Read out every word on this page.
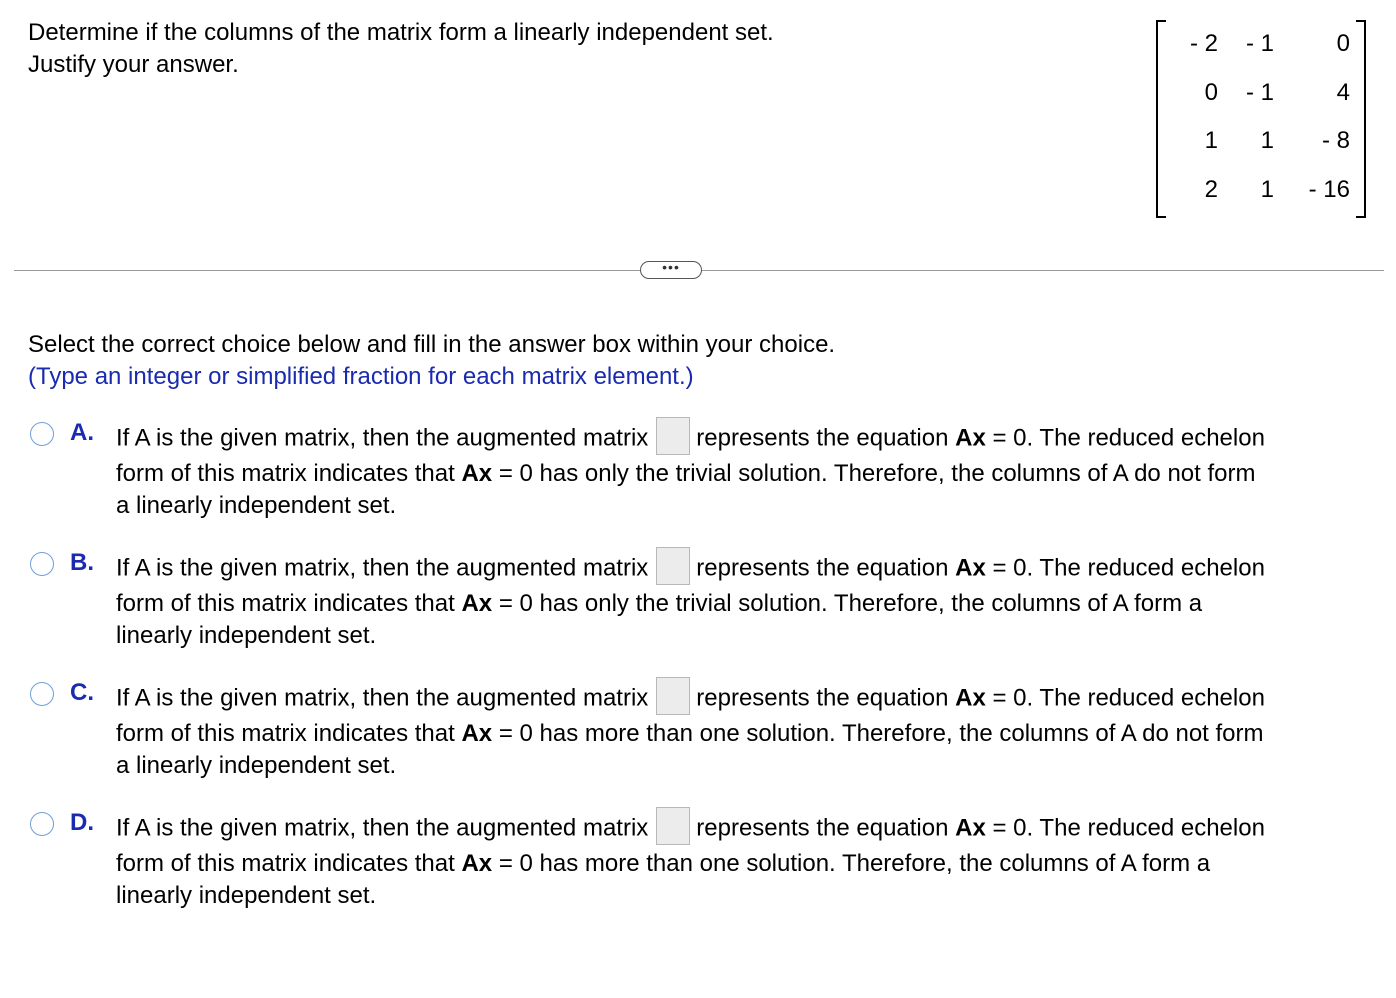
Determine if the columns of the matrix form a linearly independent set.
Justify your answer.
- 2	- 1	0
0	- 1	4
1	1	- 8
2	1	- 16
•••
Select the correct choice below and fill in the answer box within your choice.
(Type an integer or simplified fraction for each matrix element.)
A. If A is the given matrix, then the augmented matrix represents the equation Ax = 0. The reduced echelon
form of this matrix indicates that Ax = 0 has only the trivial solution. Therefore, the columns of A do not form
a linearly independent set.
B. If A is the given matrix, then the augmented matrix represents the equation Ax = 0. The reduced echelon
form of this matrix indicates that Ax = 0 has only the trivial solution. Therefore, the columns of A form a
linearly independent set.
C. If A is the given matrix, then the augmented matrix represents the equation Ax = 0. The reduced echelon
form of this matrix indicates that Ax = 0 has more than one solution. Therefore, the columns of A do not form
a linearly independent set.
D. If A is the given matrix, then the augmented matrix represents the equation Ax = 0. The reduced echelon
form of this matrix indicates that Ax = 0 has more than one solution. Therefore, the columns of A form a
linearly independent set.
